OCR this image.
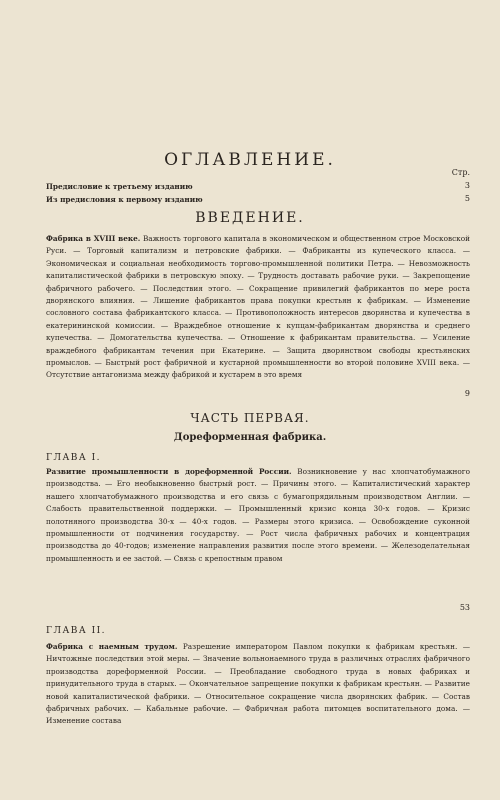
ОГЛАВЛЕНИЕ.
Стр.
Предисловие к третьему изданию	3
Из предисловия к первому изданию	5
ВВЕДЕНИЕ.
Фабрика в XVIII веке. Важность торгового капитала в экономическом и общественном строе Московской Руси. — Торговый капитализм и петровские фабрики. — Фабриканты из купеческого класса. — Экономическая и социальная необходимость торгово-промышленной политики Петра. — Невозможность капиталистической фабрики в петровскую эпоху. — Трудность доставать рабочие руки. — Закрепощение фабричного рабочего. — Последствия этого. — Сокращение привилегий фабрикантов по мере роста дворянского влияния. — Лишение фабрикантов права покупки крестьян к фабрикам. — Изменение сословного состава фабрикантского класса. — Противоположность интересов дворянства и купечества в екатерининской комиссии. — Враждебное отношение к купцам-фабрикантам дворянства и среднего купечества. — Домогательства купечества. — Отношение к фабрикантам правительства. — Усиление враждебного фабрикантам течения при Екатерине. — Защита дворянством свободы крестьянских промыслов. — Быстрый рост фабричной и кустарной промышленности во второй половине XVIII века. — Отсутствие антагонизма между фабрикой и кустарем в это время
9
ЧАСТЬ ПЕРВАЯ.
Дореформенная фабрика.
ГЛАВА I.
Развитие промышленности в дореформенной России. Возникновение у нас хлопчатобумажного производства. — Его необыкновенно быстрый рост. — Причины этого. — Капиталистический характер нашего хлопчатобумажного производства и его связь с бумагопрядильным производством Англии. — Слабость правительственной поддержки. — Промышленный кризис конца 30-х годов. — Кризис полотняного производства 30-х — 40-х годов. — Размеры этого кризиса. — Освобождение суконной промышленности от подчинения государству. — Рост числа фабричных рабочих и концентрация производства до 40-годов; изменение направления развития после этого времени. — Железоделательная промышленность и ее застой. — Связь с крепостным правом
53
ГЛАВА II.
Фабрика с наемным трудом. Разрешение императором Павлом покупки к фабрикам крестьян. — Ничтожные последствия этой меры. — Значение вольнонаемного труда в различных отраслях фабричного производства дореформенной России. — Преобладание свободного труда в новых фабриках и принудительного труда в старых. — Окончательное запрещение покупки к фабрикам крестьян. — Развитие новой капиталистической фабрики. — Относительное сокращение числа дворянских фабрик. — Состав фабричных рабочих. — Кабальные рабочие. — Фабричная работа питомцев воспитательного дома. — Изменение состава
